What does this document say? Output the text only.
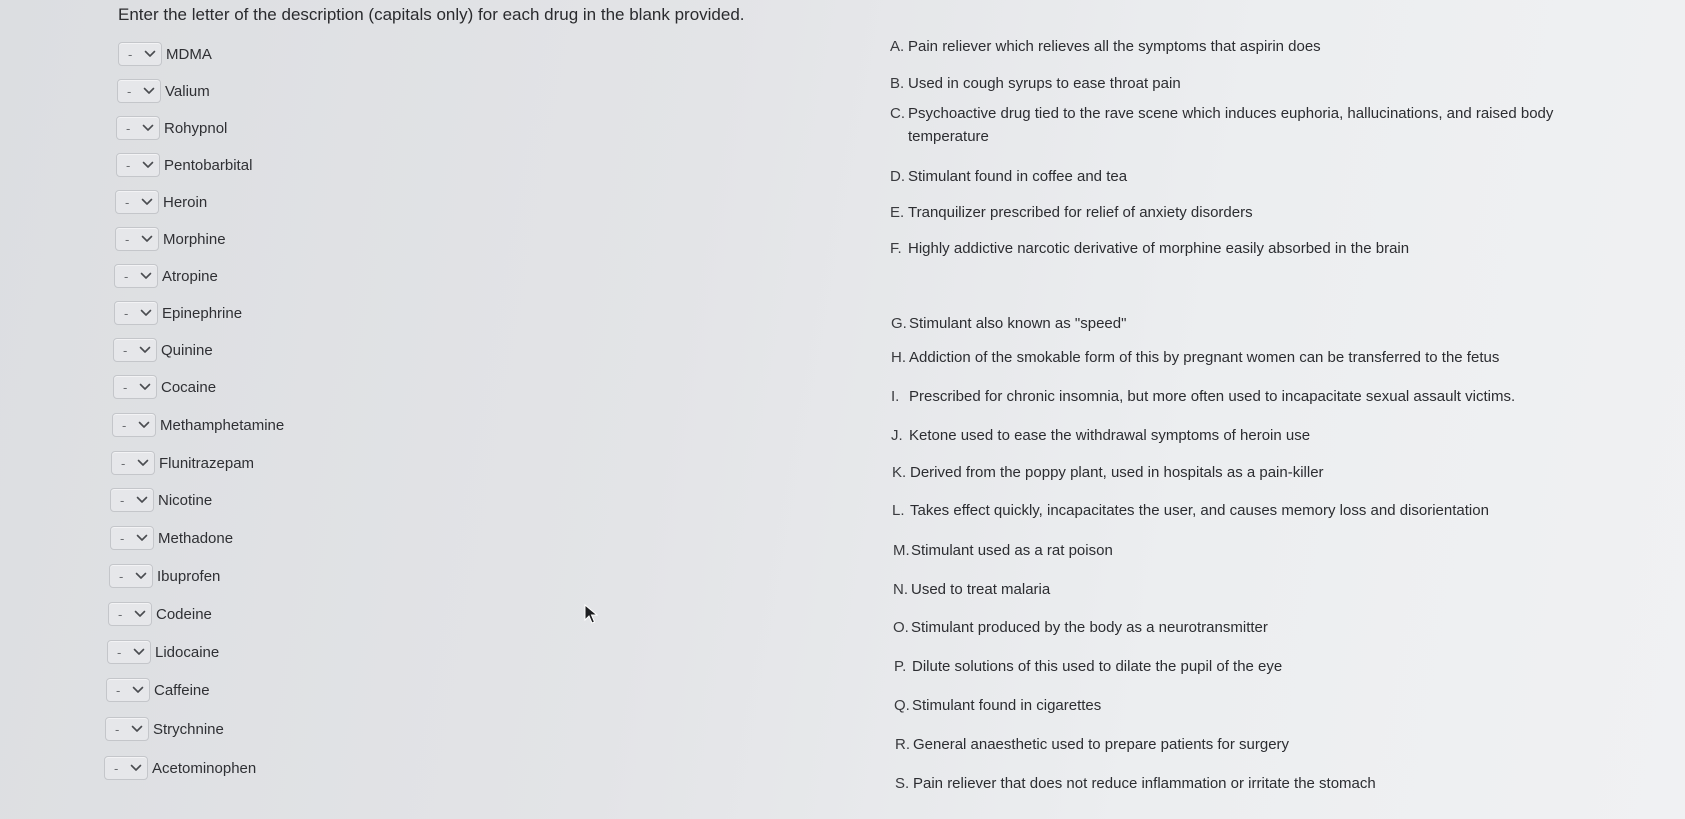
Enter the letter of the description (capitals only) for each drug in the blank provided.
- MDMA
- Valium
- Rohypnol
- Pentobarbital
- Heroin
- Morphine
- Atropine
- Epinephrine
- Quinine
- Cocaine
- Methamphetamine
- Flunitrazepam
- Nicotine
- Methadone
- Ibuprofen
- Codeine
- Lidocaine
- Caffeine
- Strychnine
- Acetominophen
A. Pain reliever which relieves all the symptoms that aspirin does
B. Used in cough syrups to ease throat pain
C. Psychoactive drug tied to the rave scene which induces euphoria, hallucinations, and raised body
temperature
D. Stimulant found in coffee and tea
E. Tranquilizer prescribed for relief of anxiety disorders
F. Highly addictive narcotic derivative of morphine easily absorbed in the brain
G. Stimulant also known as "speed"
H. Addiction of the smokable form of this by pregnant women can be transferred to the fetus
I. Prescribed for chronic insomnia, but more often used to incapacitate sexual assault victims.
J. Ketone used to ease the withdrawal symptoms of heroin use
K. Derived from the poppy plant, used in hospitals as a pain-killer
L. Takes effect quickly, incapacitates the user, and causes memory loss and disorientation
M. Stimulant used as a rat poison
N. Used to treat malaria
O. Stimulant produced by the body as a neurotransmitter
P. Dilute solutions of this used to dilate the pupil of the eye
Q. Stimulant found in cigarettes
R. General anaesthetic used to prepare patients for surgery
S. Pain reliever that does not reduce inflammation or irritate the stomach
